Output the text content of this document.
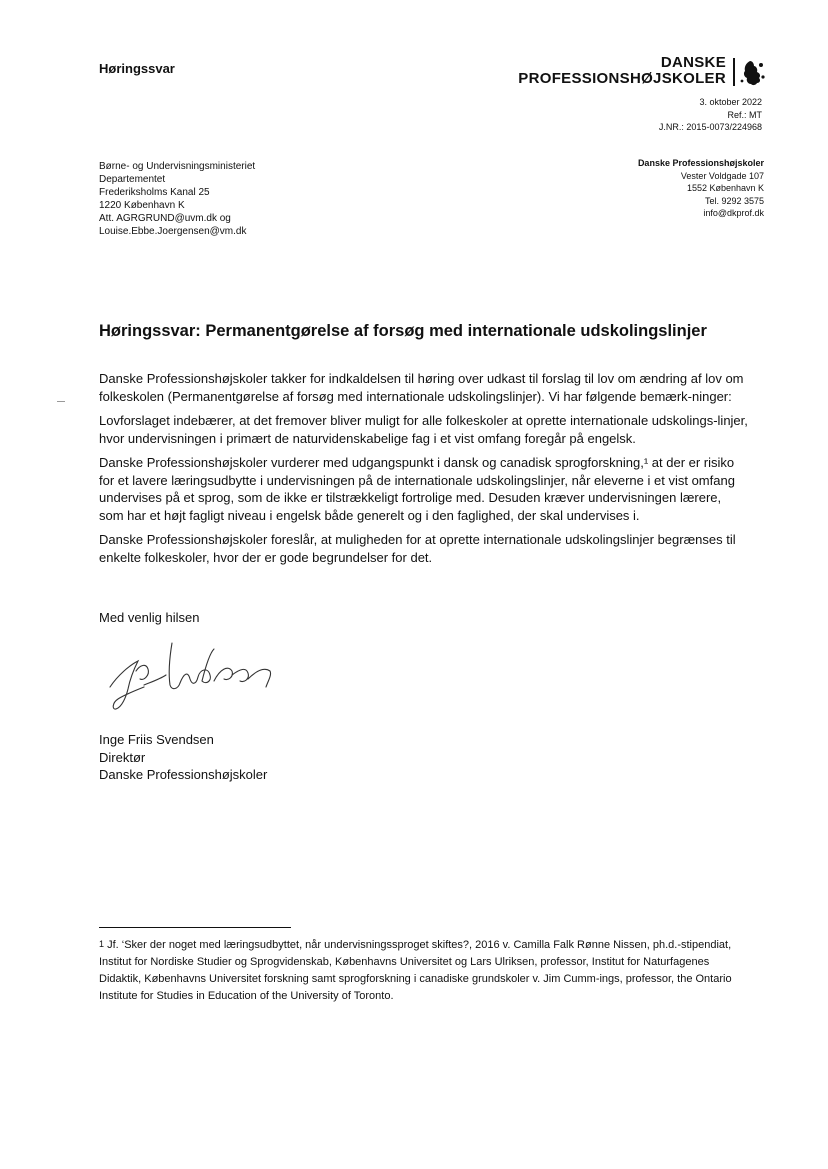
Høringssvar	DANSKE
PROFESSIONSHØJSKOLER
3. oktober 2022
Ref.: MT
J.NR.: 2015-0073/224968
Børne- og Undervisningsministeriet
Departementet
Frederiksholms Kanal 25
1220 København K
Att. AGRGRUND@uvm.dk og
Louise.Ebbe.Joergensen@vm.dk
Danske Professionshøjskoler
Vester Voldgade 107
1552 København K
Tel. 9292 3575
info@dkprof.dk
Høringssvar: Permanentgørelse af forsøg med internationale udskolingslinjer

Danske Professionshøjskoler takker for indkaldelsen til høring over udkast til forslag til lov om ændring af lov om folkeskolen (Permanentgørelse af forsøg med internationale udskolingslinjer). Vi har følgende bemærk-ninger:

Lovforslaget indebærer, at det fremover bliver muligt for alle folkeskoler at oprette internationale udskolings-linjer, hvor undervisningen i primært de naturvidenskabelige fag i et vist omfang foregår på engelsk.

Danske Professionshøjskoler vurderer med udgangspunkt i dansk og canadisk sprogforskning,¹ at der er risiko for et lavere læringsudbytte i undervisningen på de internationale udskolingslinjer, når eleverne i et vist omfang undervises på et sprog, som de ikke er tilstrækkeligt fortrolige med. Desuden kræver undervisningen lærere, som har et højt fagligt niveau i engelsk både generelt og i den faglighed, der skal undervises i.

Danske Professionshøjskoler foreslår, at muligheden for at oprette internationale udskolingslinjer begrænses til enkelte folkeskoler, hvor der er gode begrundelser for det.

Med venlig hilsen
Inge Friis Svendsen
Direktør
Danske Professionshøjskoler
$^1$ Jf. ‘Sker der noget med læringsudbyttet, når undervisningssproget skiftes?, 2016 v. Camilla Falk Rønne Nissen, ph.d.-stipendiat, Institut for Nordiske Studier og Sprogvidenskab, Københavns Universitet og Lars Ulriksen, professor, Institut for Naturfagenes Didaktik, Københavns Universitet forskning samt sprogforskning i canadiske grundskoler v. Jim Cumm-ings, professor, the Ontario Institute for Studies in Education of the University of Toronto.
